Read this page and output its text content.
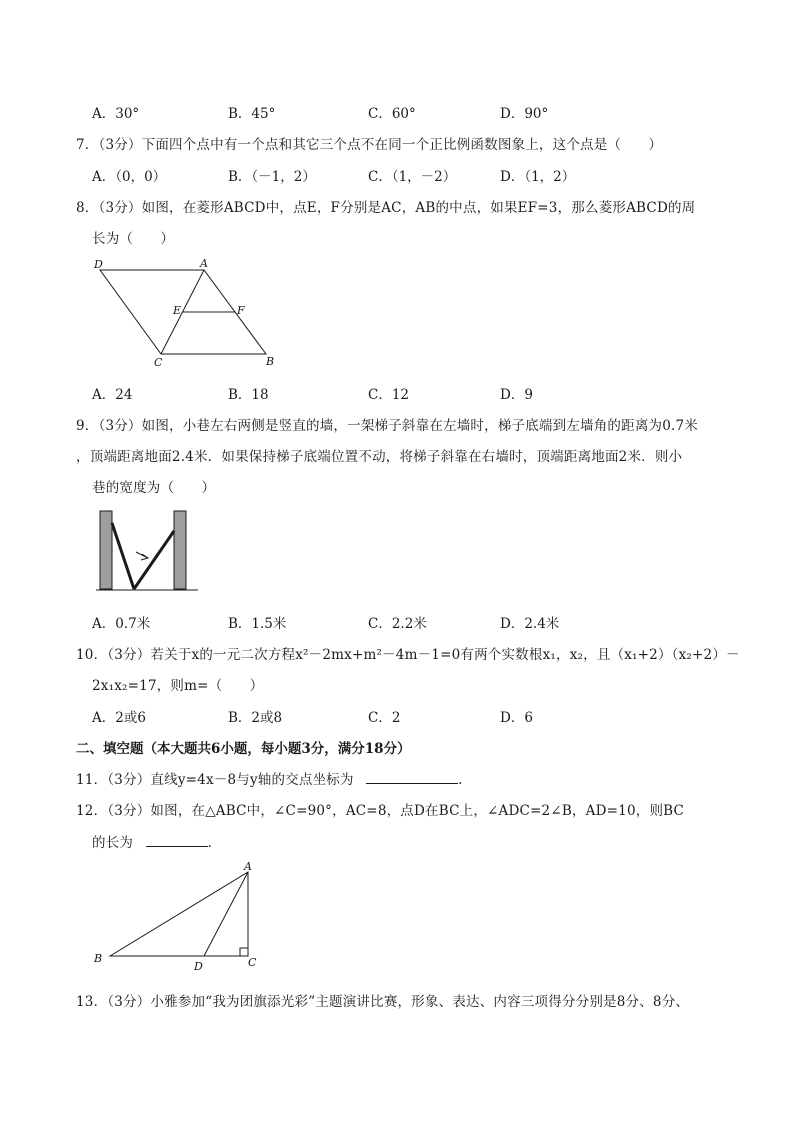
A．30°	B．45°	C．60°	D．90°
7．（3分）下面四个点中有一个点和其它三个点不在同一个正比例函数图象上，这个点是（　　）
A．（0，0）	B．（－1，2）	C．（1，－2）	D．（1，2）
8．（3分）如图，在菱形ABCD中，点E，F分别是AC，AB的中点，如果EF=3，那么菱形ABCD的周
长为（　　）
D	A
E	F
C	B
A．24	B．18	C．12	D．9
9．（3分）如图，小巷左右两侧是竖直的墙，一架梯子斜靠在左墙时，梯子底端到左墙角的距离为0.7米
，顶端距离地面2.4米．如果保持梯子底端位置不动，将梯子斜靠在右墙时，顶端距离地面2米．则小
巷的宽度为（　　）
A．0.7米	B．1.5米	C．2.2米	D．2.4米
10．（3分）若关于x的一元二次方程x²－2mx+m²－4m－1=0有两个实数根x₁，x₂，且（x₁+2）（x₂+2）－
2x₁x₂=17，则m=（　　）
A．2或6	B．2或8	C．2	D．6
二、填空题（本大题共6小题，每小题3分，满分18分）
11．（3分）直线y=4x－8与y轴的交点坐标为	．
12．（3分）如图，在△ABC中，∠C=90°，AC=8，点D在BC上，∠ADC=2∠B，AD=10，则BC
的长为	．
A
B
D	C
13．（3分）小雅参加“我为团旗添光彩”主题演讲比赛，形象、表达、内容三项得分分别是8分、8分、
